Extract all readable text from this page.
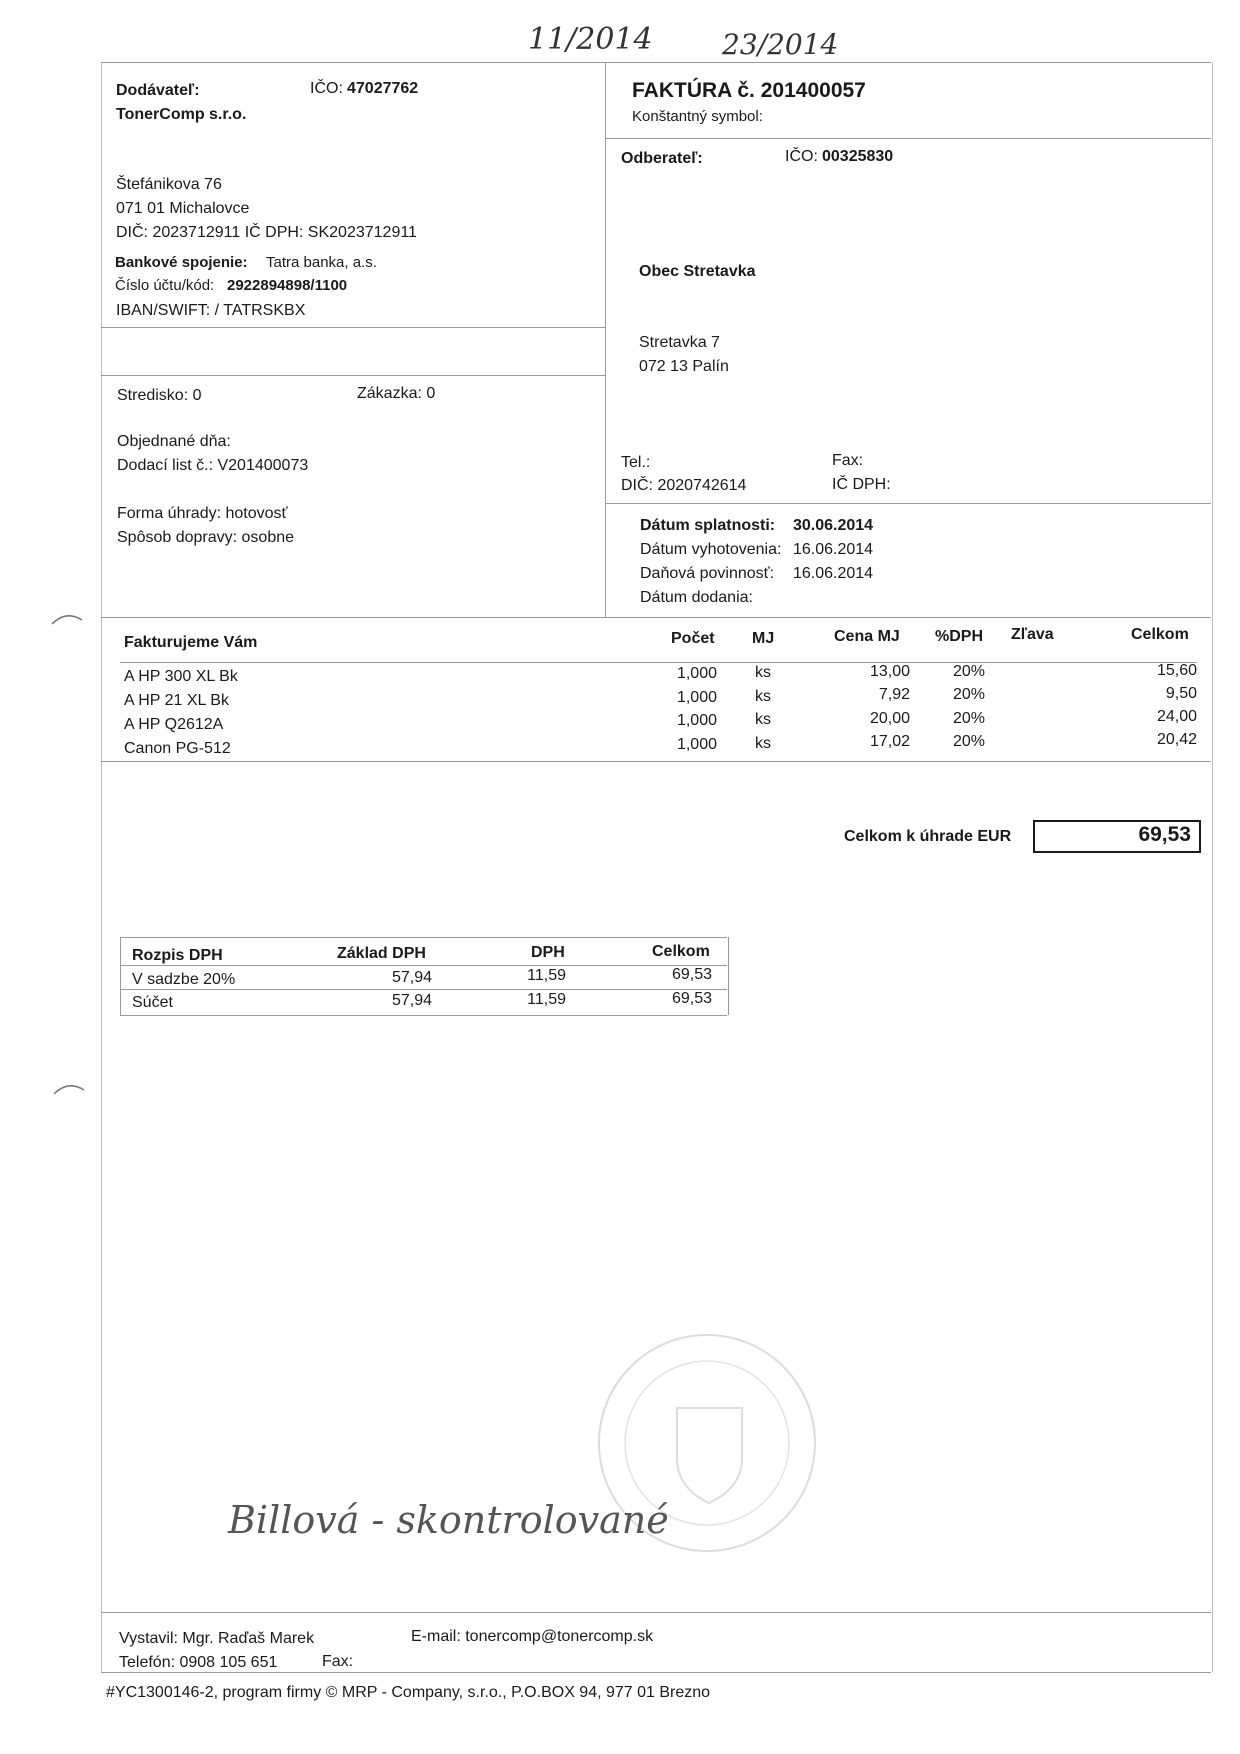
11/2014 23/2014
Dodávateľ:
TonerComp s.r.o.
IČO: 47027762
Štefánikova 76
071 01 Michalovce
DIČ: 2023712911 IČ DPH: SK2023712911
Bankové spojenie: Tatra banka, a.s.
Číslo účtu/kód: 2922894898/1100
IBAN/SWIFT: / TATRSKBX
FAKTÚRA č. 201400057
Konštantný symbol:
Odberateľ:	IČO: 00325830
Obec Stretavka
Stretavka 7
072 13 Palín
Tel.:	Fax:
DIČ: 2020742614	IČ DPH:
Stredisko: 0	Zákazka: 0
Objednané dňa:
Dodací list č.: V201400073
Forma úhrady: hotovosť
Spôsob dopravy: osobne
Dátum splatnosti: 30.06.2014
Dátum vyhotovenia: 16.06.2014
Daňová povinnosť: 16.06.2014
Dátum dodania:
Fakturujeme Vám	Počet MJ	Cena MJ %DPH Zľava	Celkom
A HP 300 XL Bk	1,000 ks	13,00	20%	15,60
A HP 21 XL Bk	1,000 ks	7,92	20%	9,50
A HP Q2612A	1,000 ks	20,00	20%	24,00
Canon PG-512	1,000 ks	17,02	20%	20,42
Celkom k úhrade EUR	69,53
Rozpis DPH	Základ DPH	DPH	Celkom
V sadzbe 20%	57,94	11,59	69,53
Súčet	57,94	11,59	69,53
Billová - skontrolované
Vystavil: Mgr. Raďaš Marek
Telefón: 0908 105 651	Fax:
E-mail: tonercomp@tonercomp.sk
#YC1300146-2, program firmy © MRP - Company, s.r.o., P.O.BOX 94, 977 01 Brezno
